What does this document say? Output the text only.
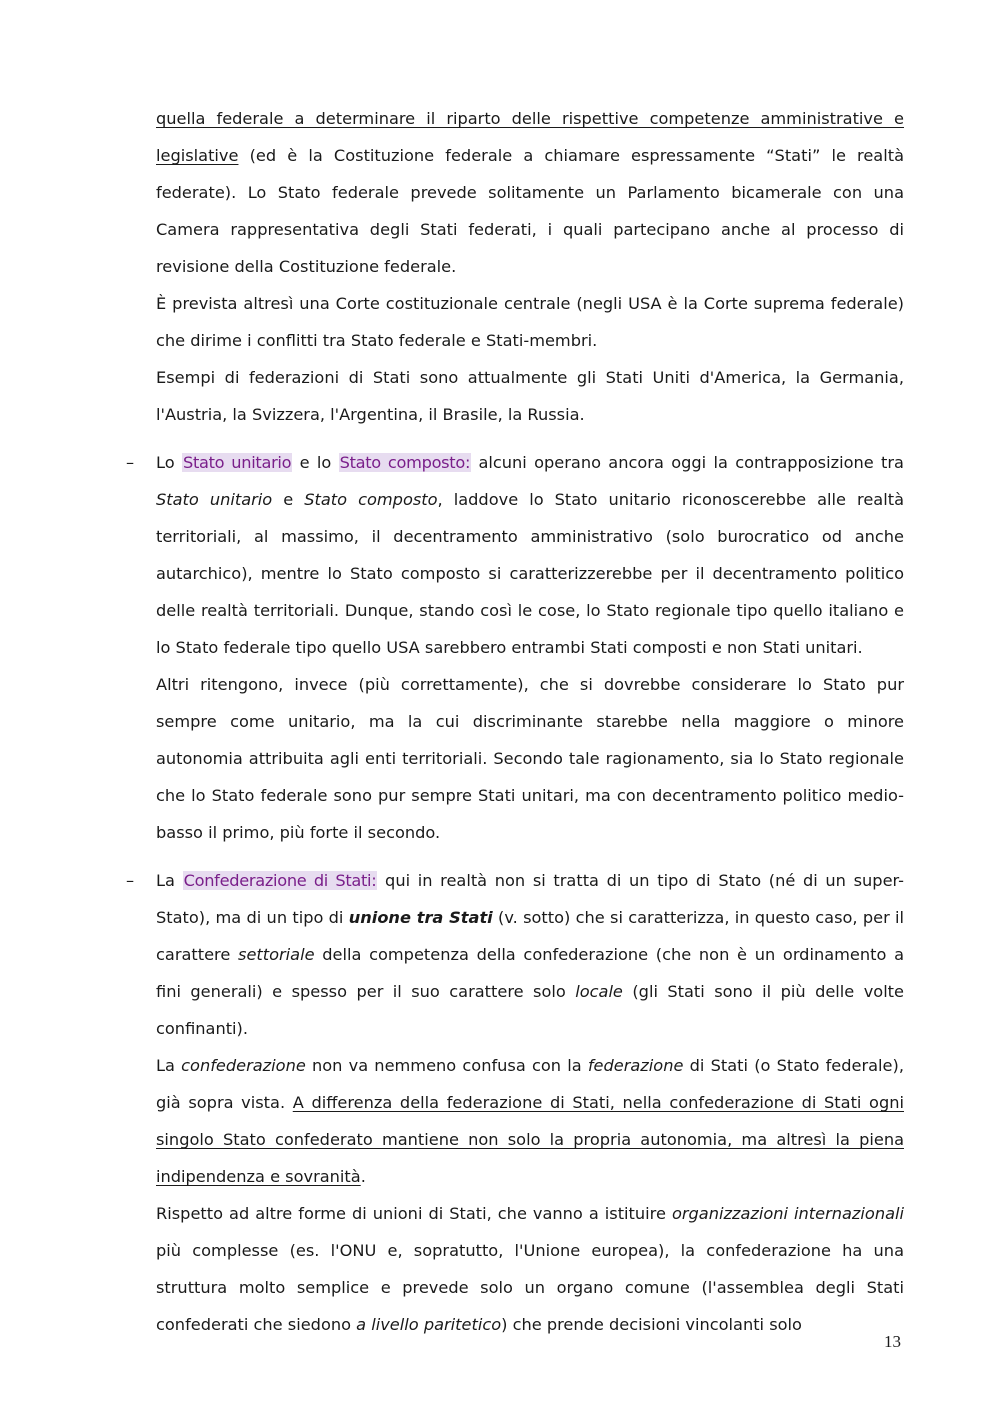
quella federale a determinare il riparto delle rispettive competenze amministrative e legislative (ed è la Costituzione federale a chiamare espressamente “Stati” le realtà federate). Lo Stato federale prevede solitamente un Parlamento bicamerale con una Camera rappresentativa degli Stati federati, i quali partecipano anche al processo di revisione della Costituzione federale.

È prevista altresì una Corte costituzionale centrale (negli USA è la Corte suprema federale) che dirime i conflitti tra Stato federale e Stati-membri.

Esempi di federazioni di Stati sono attualmente gli Stati Uniti d'America, la Germania, l'Austria, la Svizzera, l'Argentina, il Brasile, la Russia.

– Lo Stato unitario e lo Stato composto: alcuni operano ancora oggi la contrapposizione tra Stato unitario e Stato composto, laddove lo Stato unitario riconoscerebbe alle realtà territoriali, al massimo, il decentramento amministrativo (solo burocratico od anche autarchico), mentre lo Stato composto si caratterizzerebbe per il decentramento politico delle realtà territoriali. Dunque, stando così le cose, lo Stato regionale tipo quello italiano e lo Stato federale tipo quello USA sarebbero entrambi Stati composti e non Stati unitari.

Altri ritengono, invece (più correttamente), che si dovrebbe considerare lo Stato pur sempre come unitario, ma la cui discriminante starebbe nella maggiore o minore autonomia attribuita agli enti territoriali. Secondo tale ragionamento, sia lo Stato regionale che lo Stato federale sono pur sempre Stati unitari, ma con decentramento politico medio-basso il primo, più forte il secondo.

– La Confederazione di Stati: qui in realtà non si tratta di un tipo di Stato (né di un super-Stato), ma di un tipo di unione tra Stati (v. sotto) che si caratterizza, in questo caso, per il carattere settoriale della competenza della confederazione (che non è un ordinamento a fini generali) e spesso per il suo carattere solo locale (gli Stati sono il più delle volte confinanti).

La confederazione non va nemmeno confusa con la federazione di Stati (o Stato federale), già sopra vista. A differenza della federazione di Stati, nella confederazione di Stati ogni singolo Stato confederato mantiene non solo la propria autonomia, ma altresì la piena indipendenza e sovranità.

Rispetto ad altre forme di unioni di Stati, che vanno a istituire organizzazioni internazionali più complesse (es. l'ONU e, sopratutto, l'Unione europea), la confederazione ha una struttura molto semplice e prevede solo un organo comune (l'assemblea degli Stati confederati che siedono a livello paritetico) che prende decisioni vincolanti solo

13
